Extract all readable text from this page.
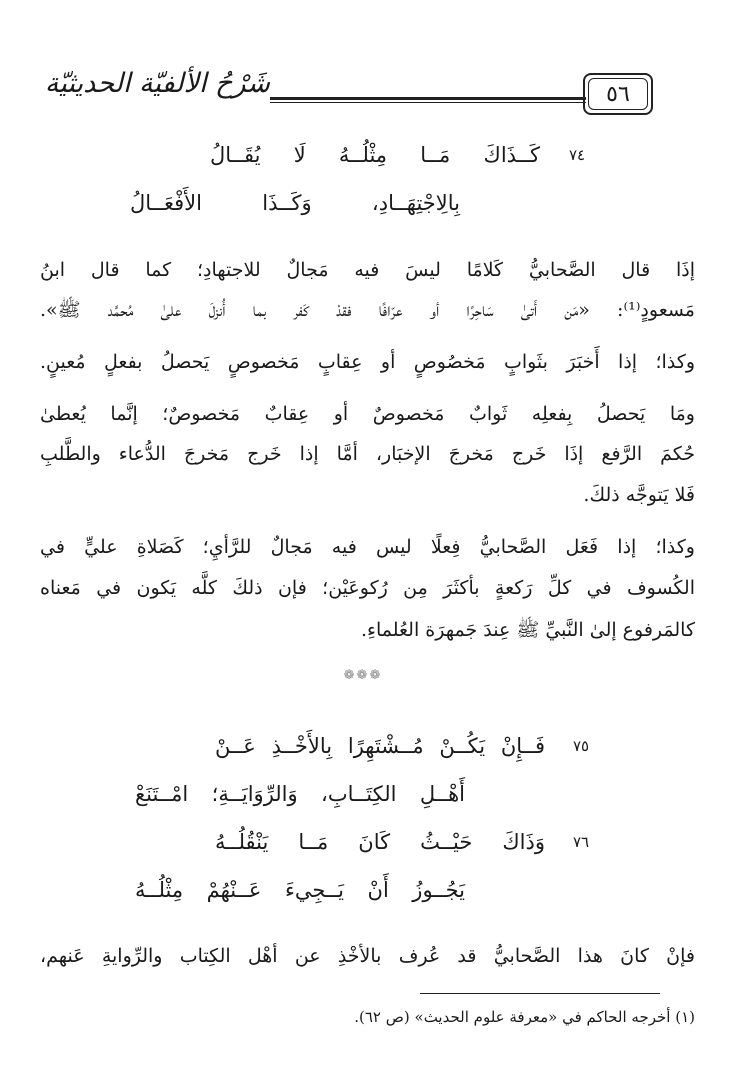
٥٦
شَرْحُ الألفيّة الحديثيّة
٧٤
كَــذَاكَ مَــا مِثْلُــهُ لَا يُقَــالُ
بِالِاجْتِهَــادِ، وَكَــذَا الأَفْعَــالُ
إذَا قال الصَّحابيُّ كَلامًا ليسَ فيه مَجالٌ للاجتهادِ؛ كما قال ابنُ
مَسعودٍ⁽¹⁾: «مَن أَتىٰ سَاحِرًا أو عرّافًا فقدْ كَفر بما أُنزلَ علىٰ مُحمَّد ﷺ».
وكذا؛ إذا أَخبَرَ بثَوابٍ مَخصُوصٍ أو عِقابٍ مَخصوصٍ يَحصلُ بفعلٍ مُعينٍ.
ومَا يَحصلُ بِفعلِه ثَوابٌ مَخصوصٌ أو عِقابٌ مَخصوصٌ؛ إنَّما يُعطىٰ
حُكمَ الرَّفع إذَا خَرج مَخرجَ الإخبَار، أمَّا إذا خَرج مَخرجَ الدُّعاء والطَّلبِ
فَلا يَتوجَّه ذلكَ.
وكذا؛ إذا فَعَل الصَّحابيُّ فِعلًا ليس فيه مَجالٌ للرَّأيِ؛ كَصَلاةِ عليٍّ في
الكُسوف في كلِّ رَكعةٍ بأكثَرَ مِن رُكوعَيْن؛ فإن ذلكَ كلَّه يَكون في مَعناه
كالمَرفوع إلىٰ النَّبيِّ ﷺ عِندَ جَمهرَة العُلماءِ.
❁❁❁
٧٥
فَــإِنْ يَكُــنْ مُــشْتَهِرًا بِالأَخْــذِ عَــنْ
أَهْــلِ الكِتَــابِ، وَالرِّوَايَــةِ؛ امْــتَنَعْ
٧٦
وَذَاكَ حَيْــثُ كَانَ مَــا يَنْقُلُــهُ
يَجُــوزُ أَنْ يَــجِيءَ عَــنْهُمْ مِثْلُــهُ
فإنْ كانَ هذا الصَّحابيُّ قد عُرف بالأخْذِ عن أهْل الكِتاب والرِّوايةِ عَنهم،
(١) أخرجه الحاكم في «معرفة علوم الحديث» (ص ٦٢).
